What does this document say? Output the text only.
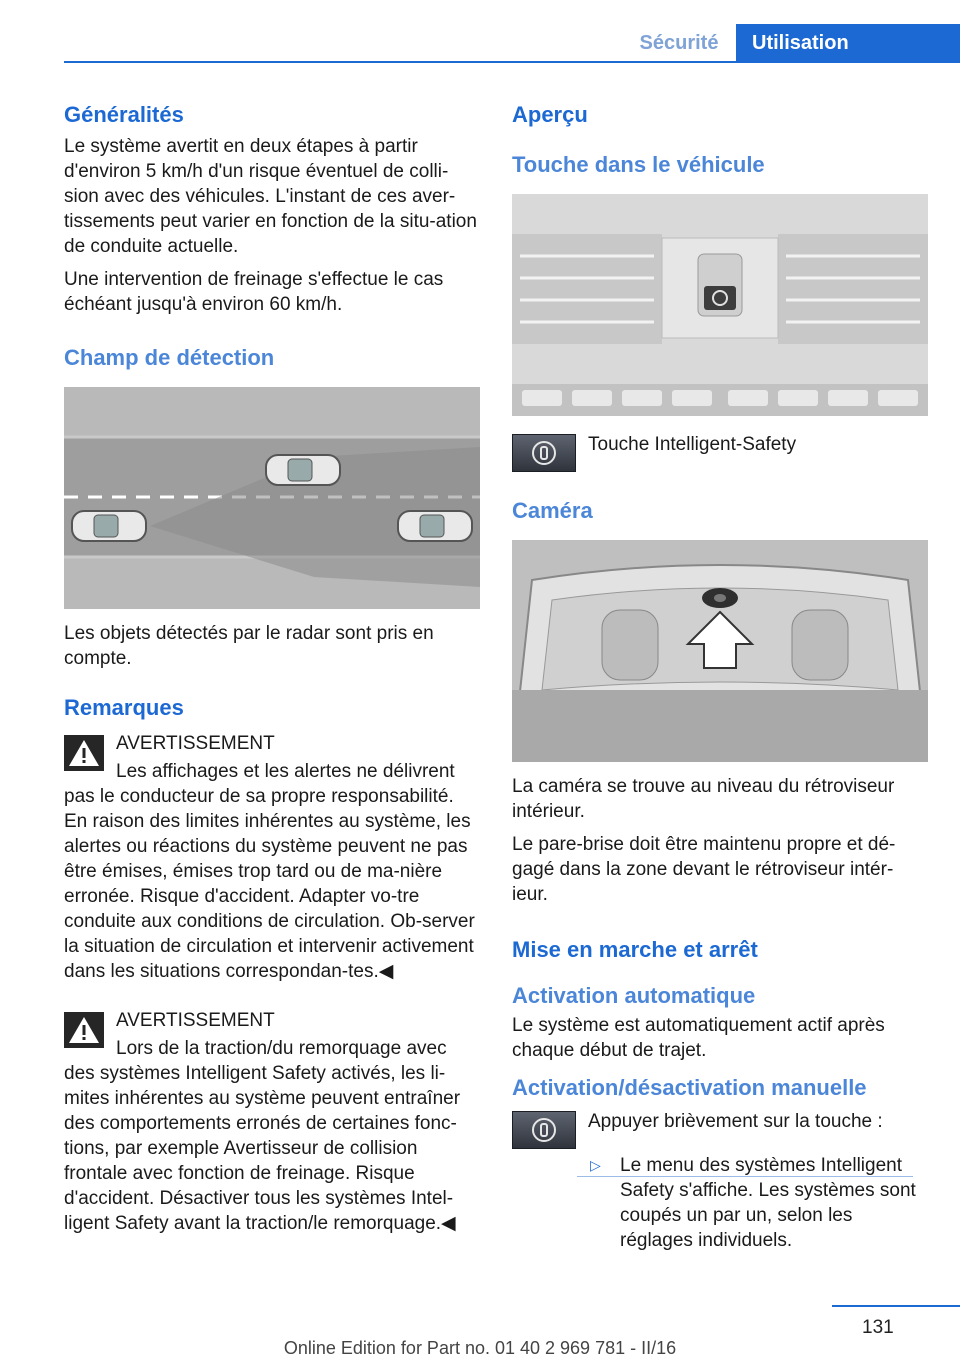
Sécurité	Utilisation
Généralités

Le système avertit en deux étapes à partir d'environ 5 km/h d'un risque éventuel de colli‐sion avec des véhicules. L'instant de ces aver‐tissements peut varier en fonction de la situ‐ation de conduite actuelle.

Une intervention de freinage s'effectue le cas échéant jusqu'à environ 60 km/h.

Champ de détection

Les objets détectés par le radar sont pris en compte.

Remarques

AVERTISSEMENT

Les affichages et les alertes ne délivrent pas le conducteur de sa propre responsabilité. En raison des limites inhérentes au système, les alertes ou réactions du système peuvent ne pas être émises, émises trop tard ou de ma‐nière erronée. Risque d'accident. Adapter vo‐tre conduite aux conditions de circulation. Ob‐server la situation de circulation et intervenir activement dans les situations correspondan‐tes.◀

AVERTISSEMENT

Lors de la traction/du remorquage avec des systèmes Intelligent Safety activés, les li‐mites inhérentes au système peuvent entraîner des comportements erronés de certaines fonc‐tions, par exemple Avertisseur de collision frontale avec fonction de freinage. Risque d'accident. Désactiver tous les systèmes Intel‐ligent Safety avant la traction/le remorquage.◀

Aperçu
Touche dans le véhicule

Touche Intelligent-Safety

Caméra

La caméra se trouve au niveau du rétroviseur intérieur.

Le pare-brise doit être maintenu propre et dé‐gagé dans la zone devant le rétroviseur intér‐ieur.

Mise en marche et arrêt
Activation automatique

Le système est automatiquement actif après chaque début de trajet.

Activation/désactivation manuelle

Appuyer brièvement sur la touche :

▷ Le menu des systèmes Intelligent Safety s'affiche. Les systèmes sont coupés un par un, selon les réglages individuels.

131
Online Edition for Part no. 01 40 2 969 781 - II/16
